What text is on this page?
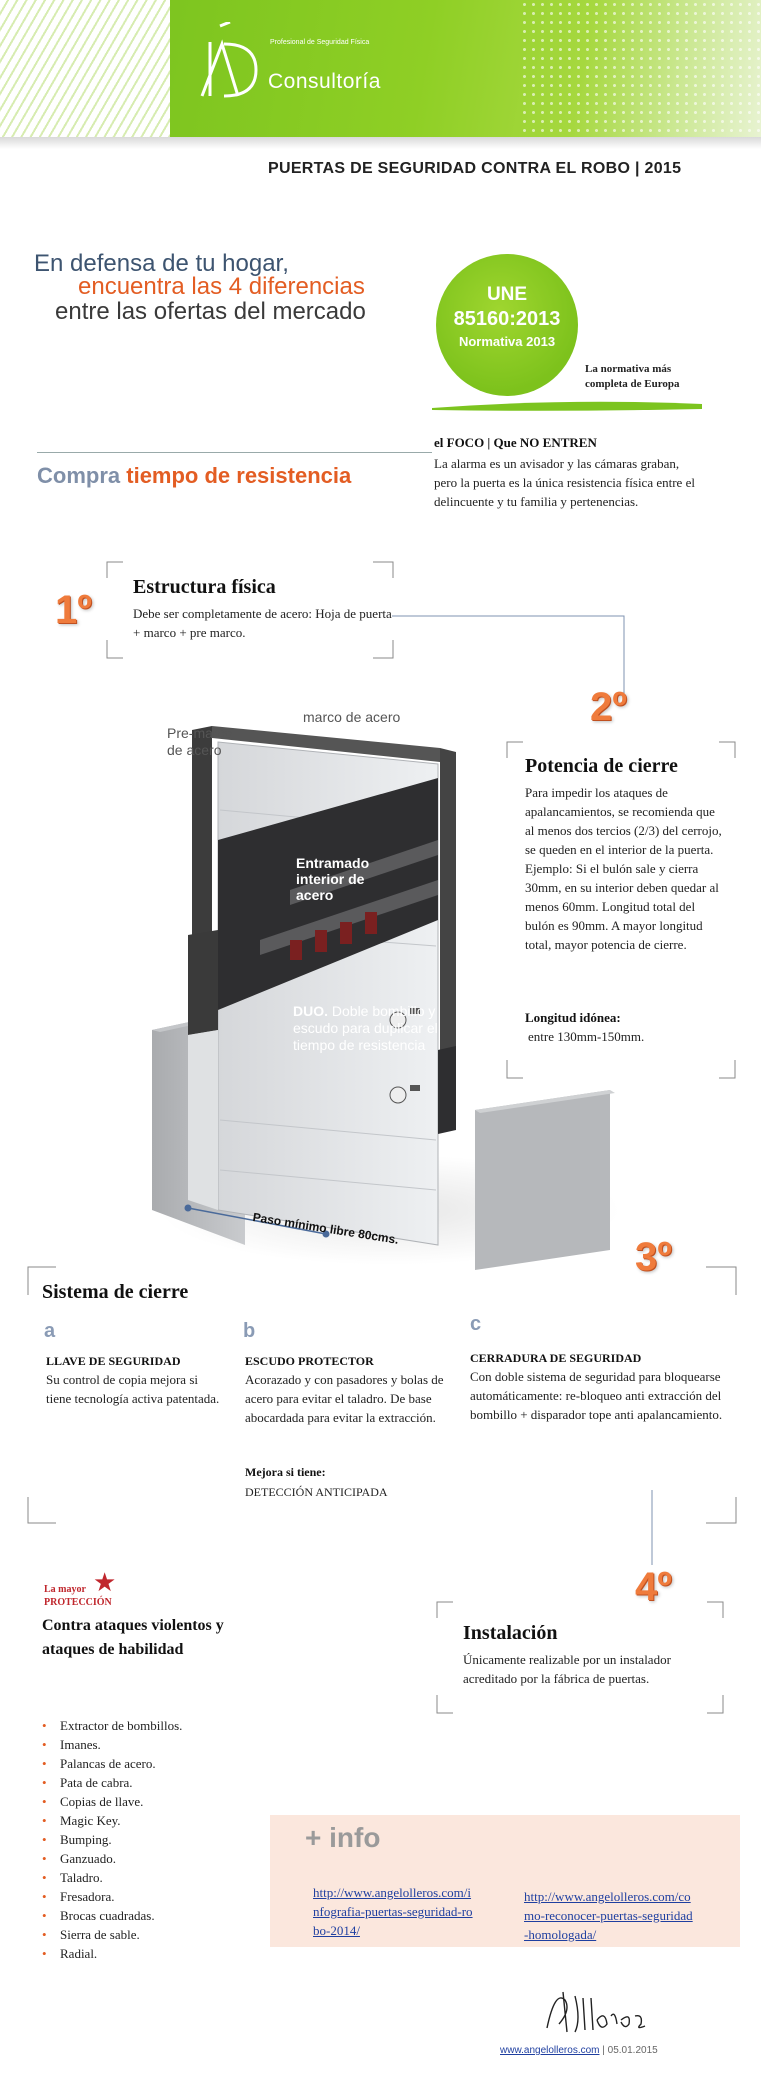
Profesional de Seguridad Física
Consultoría
PUERTAS DE SEGURIDAD CONTRA EL ROBO | 2015
En defensa de tu hogar,
encuentra las 4 diferencias
entre las ofertas del mercado
UNE
85160:2013
Normativa 2013
La normativa más completa de Europa
Compra tiempo de resistencia
el FOCO | Que NO ENTREN
La alarma es un avisador y las cámaras graban, pero la puerta es la única resistencia física entre el delincuente y tu familia y pertenencias.
1º
Estructura física
Debe ser completamente de acero: Hoja de puerta + marco + pre marco.
2º
Potencia de cierre
Para impedir los ataques de apalancamientos, se recomienda que al menos dos tercios (2/3) del cerrojo, se queden en el interior de la puerta. Ejemplo: Si el bulón sale y cierra 30mm, en su interior deben quedar al menos 60mm. Longitud total del bulón es 90mm. A mayor longitud total, mayor potencia de cierre.
Longitud idónea:
entre 130mm-150mm.
Pre-marco de acero
marco de acero
Entramado interior de acero
DUO. Doble bombillo y escudo para duplicar el tiempo de resistencia
Paso mínimo libre 80cms.
3º
Sistema de cierre
a	b	c
LLAVE DE SEGURIDAD
Su control de copia mejora si tiene tecnología activa patentada.
ESCUDO PROTECTOR
Acorazado y con pasadores y bolas de acero para evitar el taladro. De base abocardada para evitar la extracción.
Mejora si tiene:
DETECCIÓN ANTICIPADA
CERRADURA DE SEGURIDAD
Con doble sistema de seguridad para bloquearse automáticamente: re-bloqueo anti extracción del bombillo + disparador tope anti apalancamiento.
★
La mayor
PROTECCIÓN
Contra ataques violentos y ataques de habilidad
• Extractor de bombillos.
• Imanes.
• Palancas de acero.
• Pata de cabra.
• Copias de llave.
• Magic Key.
• Bumping.
• Ganzuado.
• Taladro.
• Fresadora.
• Brocas cuadradas.
• Sierra de sable.
• Radial.
4º
Instalación
Únicamente realizable por un instalador acreditado por la fábrica de puertas.
+ info
http://www.angelolleros.com/infografia-puertas-seguridad-robo-2014/
http://www.angelolleros.com/como-reconocer-puertas-seguridad-homologada/
www.angelolleros.com | 05.01.2015
